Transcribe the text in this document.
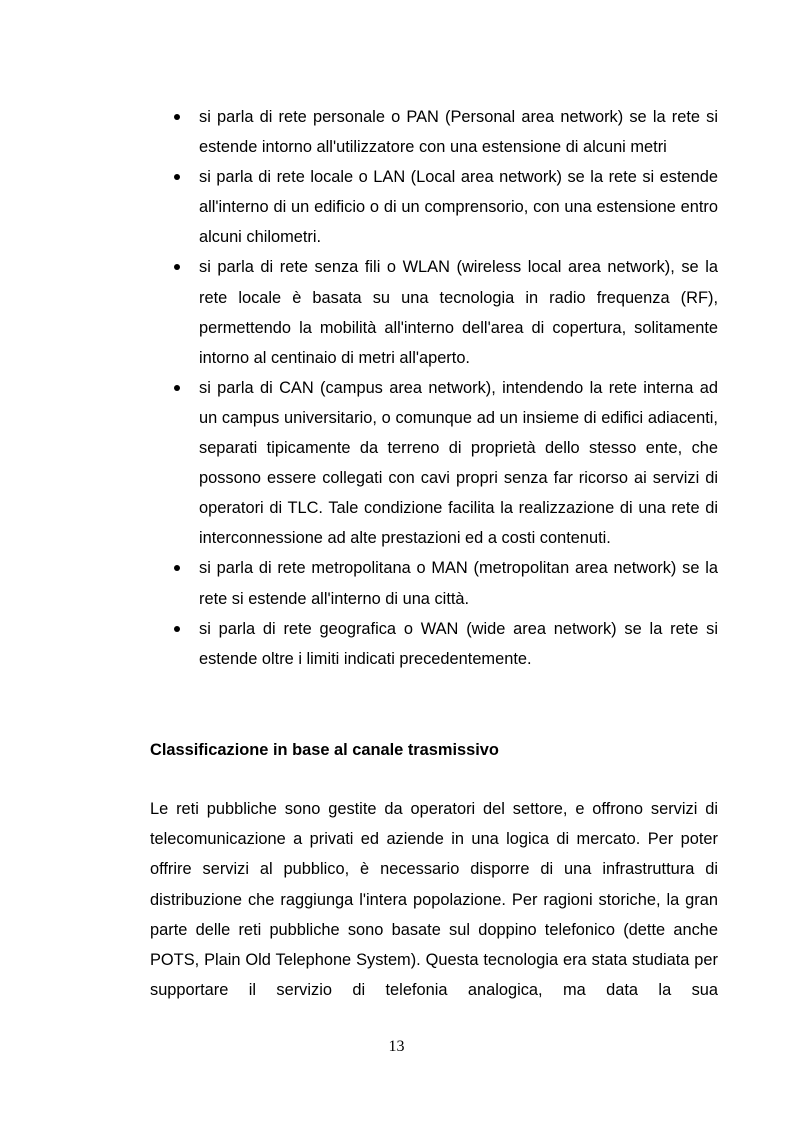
si parla di rete personale o PAN (Personal area network) se la rete si estende intorno all'utilizzatore con una estensione di alcuni metri
si parla di rete locale o LAN (Local area network) se la rete si estende all'interno di un edificio o di un comprensorio, con una estensione entro alcuni chilometri.
si parla di rete senza fili o WLAN (wireless local area network), se la rete locale è basata su una tecnologia in radio frequenza (RF), permettendo la mobilità all'interno dell'area di copertura, solitamente intorno al centinaio di metri all'aperto.
si parla di CAN (campus area network), intendendo la rete interna ad un campus universitario, o comunque ad un insieme di edifici adiacenti, separati tipicamente da terreno di proprietà dello stesso ente, che possono essere collegati con cavi propri senza far ricorso ai servizi di operatori di TLC. Tale condizione facilita la realizzazione di una rete di interconnessione ad alte prestazioni ed a costi contenuti.
si parla di rete metropolitana o MAN (metropolitan area network) se la rete si estende all'interno di una città.
si parla di rete geografica o WAN (wide area network) se la rete si estende oltre i limiti indicati precedentemente.
Classificazione in base al canale trasmissivo

Le reti pubbliche sono gestite da operatori del settore, e offrono servizi di telecomunicazione a privati ed aziende in una logica di mercato. Per poter offrire servizi al pubblico, è necessario disporre di una infrastruttura di distribuzione che raggiunga l'intera popolazione. Per ragioni storiche, la gran parte delle reti pubbliche sono basate sul doppino telefonico (dette anche POTS, Plain Old Telephone System). Questa tecnologia era stata studiata per supportare il servizio di telefonia analogica, ma data la sua

13
